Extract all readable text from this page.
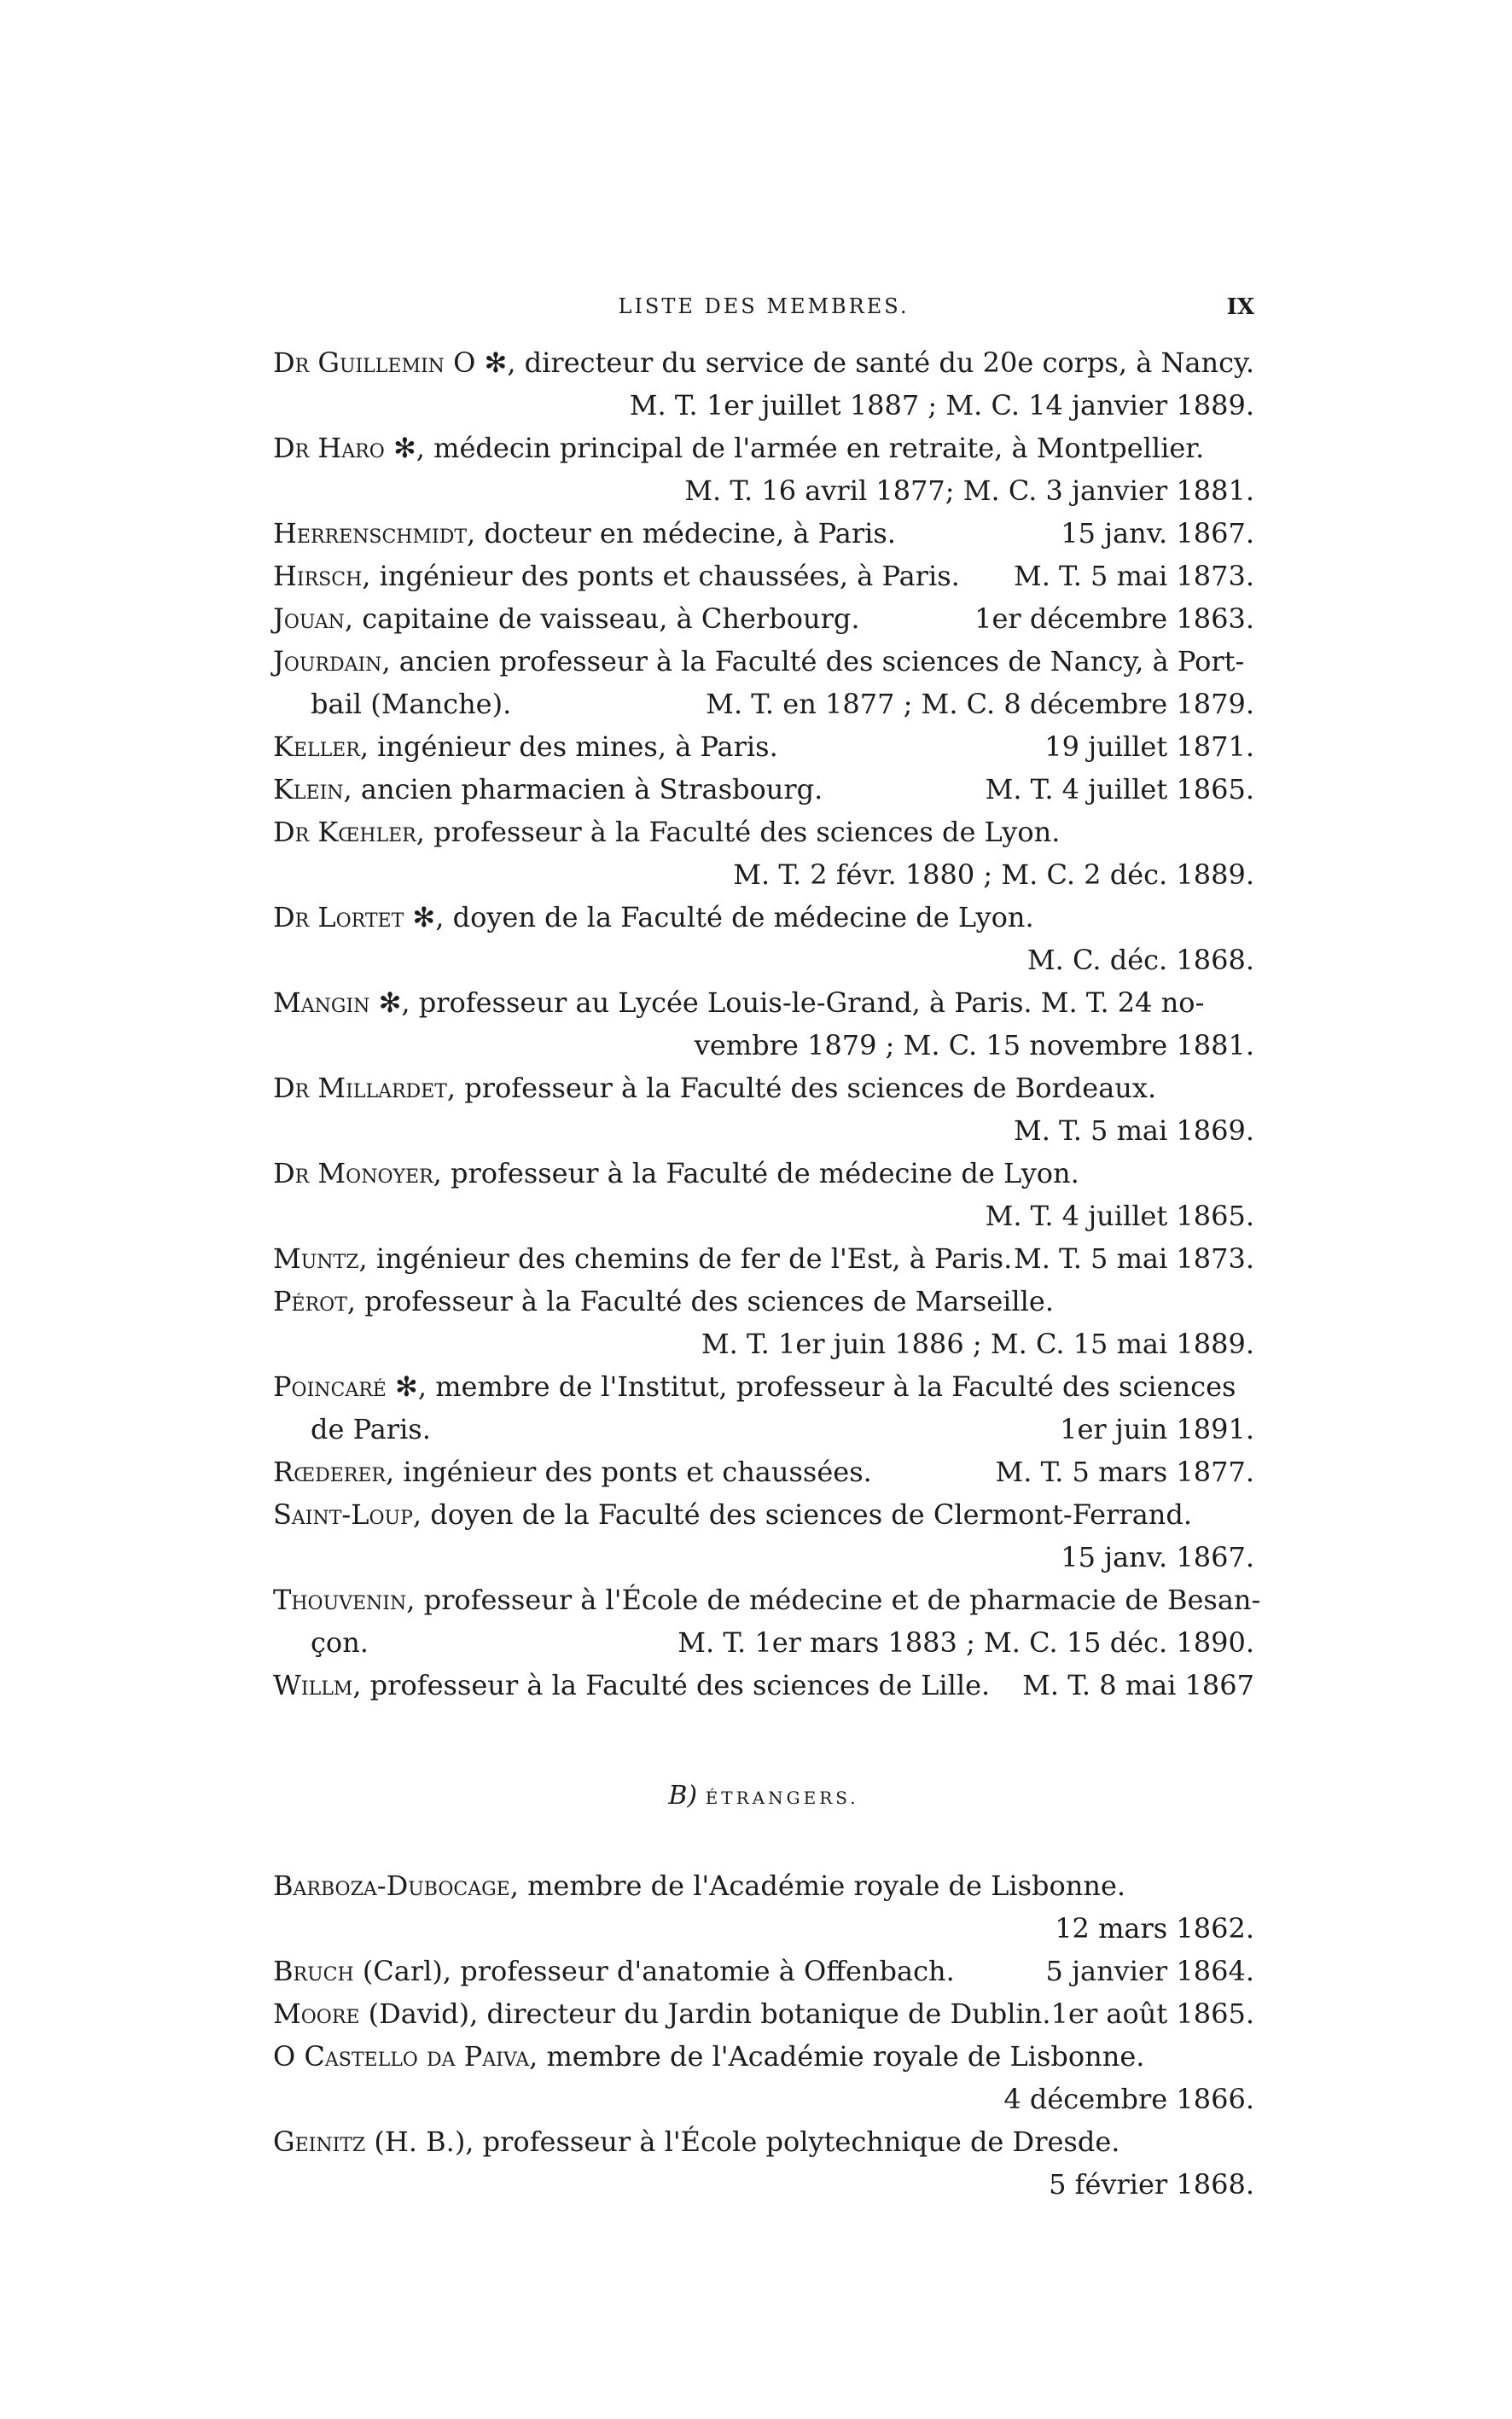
LISTE DES MEMBRES.	IX
Dr Guillemin O ✻, directeur du service de santé du 20e corps, à Nancy.
M. T. 1er juillet 1887 ; M. C. 14 janvier 1889.
Dr Haro ✻, médecin principal de l'armée en retraite, à Montpellier.
M. T. 16 avril 1877; M. C. 3 janvier 1881.
Herrenschmidt, docteur en médecine, à Paris.	15 janv. 1867.
Hirsch, ingénieur des ponts et chaussées, à Paris. M. T. 5 mai 1873.
Jouan, capitaine de vaisseau, à Cherbourg.	1er décembre 1863.
Jourdain, ancien professeur à la Faculté des sciences de Nancy, à Port-
bail (Manche).	M. T. en 1877 ; M. C. 8 décembre 1879.
Keller, ingénieur des mines, à Paris.	19 juillet 1871.
Klein, ancien pharmacien à Strasbourg.	M. T. 4 juillet 1865.
Dr Kœhler, professeur à la Faculté des sciences de Lyon.
M. T. 2 févr. 1880 ; M. C. 2 déc. 1889.
Dr Lortet ✻, doyen de la Faculté de médecine de Lyon.
M. C. déc. 1868.
Mangin ✻, professeur au Lycée Louis-le-Grand, à Paris. M. T. 24 no-
vembre 1879 ; M. C. 15 novembre 1881.
Dr Millardet, professeur à la Faculté des sciences de Bordeaux.
M. T. 5 mai 1869.
Dr Monoyer, professeur à la Faculté de médecine de Lyon.
M. T. 4 juillet 1865.
Muntz, ingénieur des chemins de fer de l'Est, à Paris. M. T. 5 mai 1873.
Pérot, professeur à la Faculté des sciences de Marseille.
M. T. 1er juin 1886 ; M. C. 15 mai 1889.
Poincaré ✻, membre de l'Institut, professeur à la Faculté des sciences
de Paris.	1er juin 1891.
Rœderer, ingénieur des ponts et chaussées.	M. T. 5 mars 1877.
Saint-Loup, doyen de la Faculté des sciences de Clermont-Ferrand.
15 janv. 1867.
Thouvenin, professeur à l'École de médecine et de pharmacie de Besan-
çon.	M. T. 1er mars 1883 ; M. C. 15 déc. 1890.
Willm, professeur à la Faculté des sciences de Lille. M. T. 8 mai 1867
B) ÉTRANGERS.
Barboza-Dubocage, membre de l'Académie royale de Lisbonne.
12 mars 1862.
Bruch (Carl), professeur d'anatomie à Offenbach.	5 janvier 1864.
Moore (David), directeur du Jardin botanique de Dublin. 1er août 1865.
O Castello da Paiva, membre de l'Académie royale de Lisbonne.
4 décembre 1866.
Geinitz (H. B.), professeur à l'École polytechnique de Dresde.
5 février 1868.
